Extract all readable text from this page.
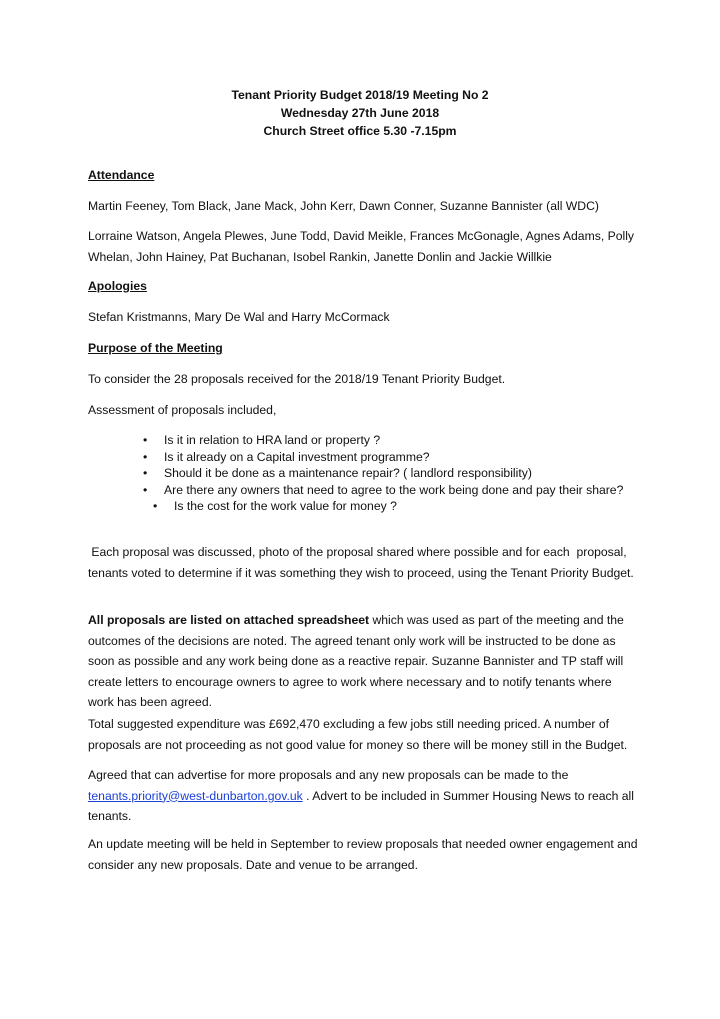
Tenant Priority Budget 2018/19 Meeting No 2
Wednesday 27th June 2018
Church Street office 5.30 -7.15pm

Attendance

Martin Feeney, Tom Black, Jane Mack, John Kerr, Dawn Conner, Suzanne Bannister (all WDC)

Lorraine Watson, Angela Plewes, June Todd, David Meikle, Frances McGonagle, Agnes Adams, Polly Whelan, John Hainey, Pat Buchanan, Isobel Rankin, Janette Donlin and Jackie Willkie

Apologies

Stefan Kristmanns, Mary De Wal and Harry McCormack

Purpose of the Meeting

To consider the 28 proposals received for the 2018/19 Tenant Priority Budget.

Assessment of proposals included,

• Is it in relation to HRA land or property ?
• Is it already on a Capital investment programme?
• Should it be done as a maintenance repair? ( landlord responsibility)
• Are there any owners that need to agree to the work being done and pay their share?
• Is the cost for the work value for money ?

Each proposal was discussed, photo of the proposal shared where possible and for each  proposal, tenants voted to determine if it was something they wish to proceed, using the Tenant Priority Budget.

All proposals are listed on attached spreadsheet which was used as part of the meeting and the outcomes of the decisions are noted. The agreed tenant only work will be instructed to be done as soon as possible and any work being done as a reactive repair. Suzanne Bannister and TP staff will create letters to encourage owners to agree to work where necessary and to notify tenants where work has been agreed.

Total suggested expenditure was £692,470 excluding a few jobs still needing priced. A number of proposals are not proceeding as not good value for money so there will be money still in the Budget.

Agreed that can advertise for more proposals and any new proposals can be made to the tenants.priority@west-dunbarton.gov.uk . Advert to be included in Summer Housing News to reach all tenants.

An update meeting will be held in September to review proposals that needed owner engagement and consider any new proposals. Date and venue to be arranged.
